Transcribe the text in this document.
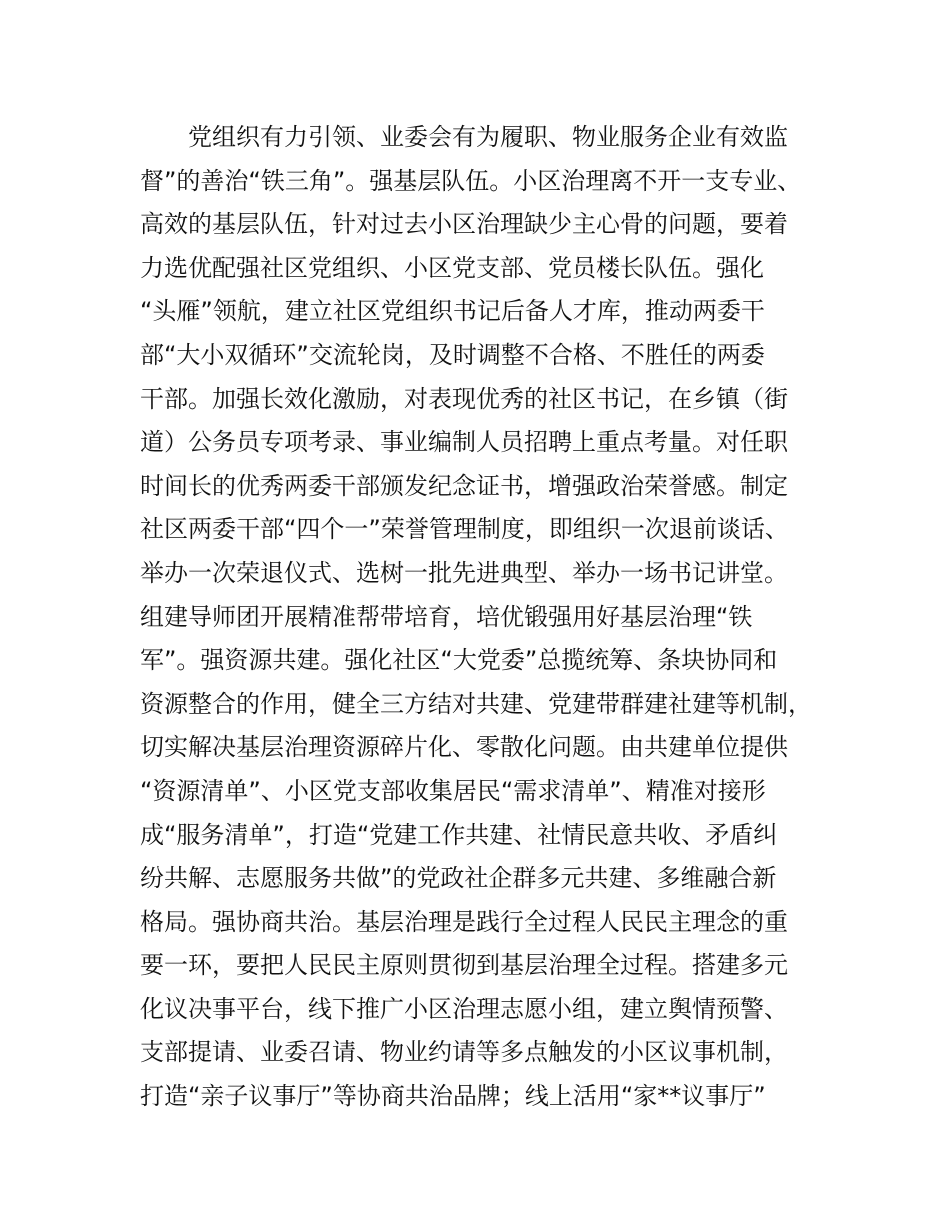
党组织有力引领、业委会有为履职、物业服务企业有效监
督”的善治“铁三角”。强基层队伍。小区治理离不开一支专业、
高效的基层队伍，针对过去小区治理缺少主心骨的问题，要着
力选优配强社区党组织、小区党支部、党员楼长队伍。强化
“头雁”领航，建立社区党组织书记后备人才库，推动两委干
部“大小双循环”交流轮岗，及时调整不合格、不胜任的两委
干部。加强长效化激励，对表现优秀的社区书记，在乡镇（街
道）公务员专项考录、事业编制人员招聘上重点考量。对任职
时间长的优秀两委干部颁发纪念证书，增强政治荣誉感。制定
社区两委干部“四个一”荣誉管理制度，即组织一次退前谈话、
举办一次荣退仪式、选树一批先进典型、举办一场书记讲堂。
组建导师团开展精准帮带培育，培优锻强用好基层治理“铁
军”。强资源共建。强化社区“大党委”总揽统筹、条块协同和
资源整合的作用，健全三方结对共建、党建带群建社建等机制，
切实解决基层治理资源碎片化、零散化问题。由共建单位提供
“资源清单”、小区党支部收集居民“需求清单”、精准对接形
成“服务清单”，打造“党建工作共建、社情民意共收、矛盾纠
纷共解、志愿服务共做”的党政社企群多元共建、多维融合新
格局。强协商共治。基层治理是践行全过程人民民主理念的重
要一环，要把人民民主原则贯彻到基层治理全过程。搭建多元
化议决事平台，线下推广小区治理志愿小组，建立舆情预警、
支部提请、业委召请、物业约请等多点触发的小区议事机制，
打造“亲子议事厅”等协商共治品牌；线上活用“家**议事厅”
